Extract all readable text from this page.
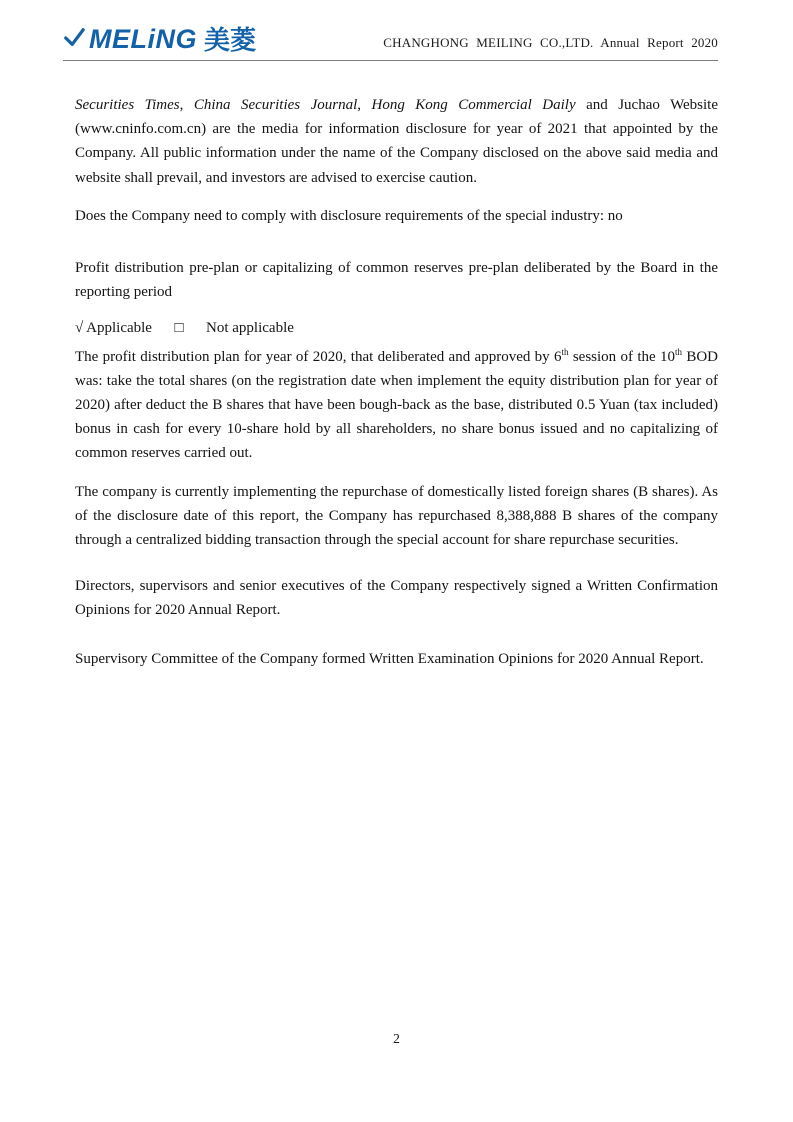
MELiNG 美菱	CHANGHONG MEILING CO.,LTD. Annual Report 2020

Securities Times, China Securities Journal, Hong Kong Commercial Daily and Juchao Website (www.cninfo.com.cn) are the media for information disclosure for year of 2021 that appointed by the Company. All public information under the name of the Company disclosed on the above said media and website shall prevail, and investors are advised to exercise caution.

Does the Company need to comply with disclosure requirements of the special industry: no

Profit distribution pre-plan or capitalizing of common reserves pre-plan deliberated by the Board in the reporting period

√ Applicable  □  Not applicable

The profit distribution plan for year of 2020, that deliberated and approved by 6th session of the 10th BOD was: take the total shares (on the registration date when implement the equity distribution plan for year of 2020) after deduct the B shares that have been bough-back as the base, distributed 0.5 Yuan (tax included) bonus in cash for every 10-share hold by all shareholders, no share bonus issued and no capitalizing of common reserves carried out.

The company is currently implementing the repurchase of domestically listed foreign shares (B shares). As of the disclosure date of this report, the Company has repurchased 8,388,888 B shares of the company through a centralized bidding transaction through the special account for share repurchase securities.

Directors, supervisors and senior executives of the Company respectively signed a Written Confirmation Opinions for 2020 Annual Report.

Supervisory Committee of the Company formed Written Examination Opinions for 2020 Annual Report.

2
